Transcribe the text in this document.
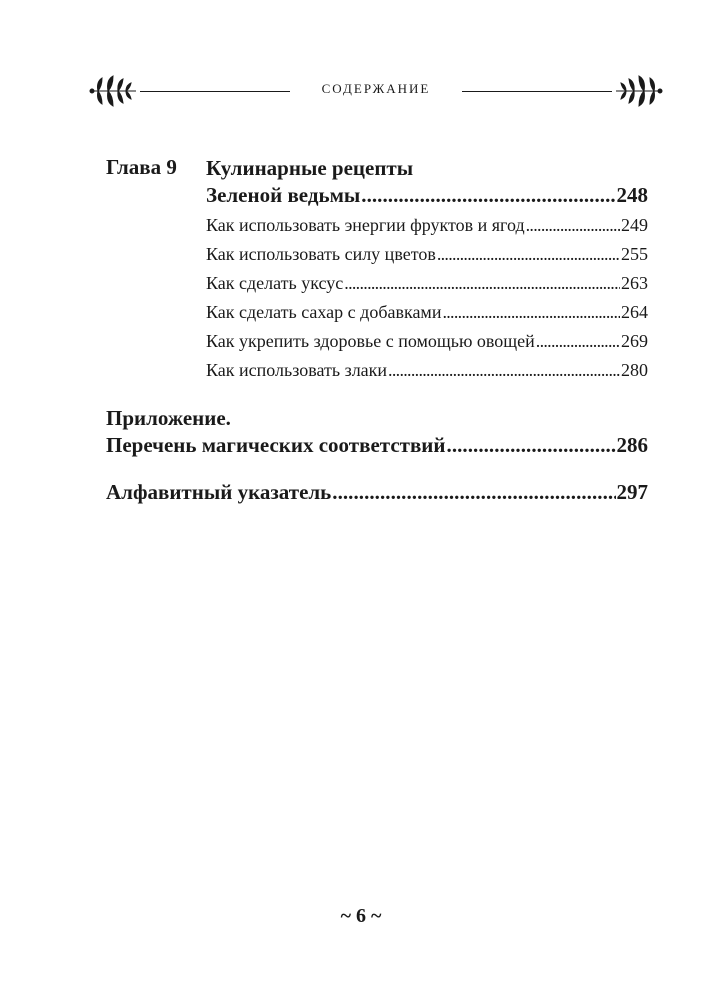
СОДЕРЖАНИЕ
Глава 9 Кулинарные рецепты
Зеленой ведьмы . . .	248
Как использовать энергии фруктов и ягод . . .	249
Как использовать силу цветов . . .	255
Как сделать уксус . . .	263
Как сделать сахар с добавками . . .	264
Как укрепить здоровье с помощью овощей . . .	269
Как использовать злаки . . .	280
Приложение.
Перечень магических соответствий . . .	286
Алфавитный указатель . . .	297
~ 6 ~
